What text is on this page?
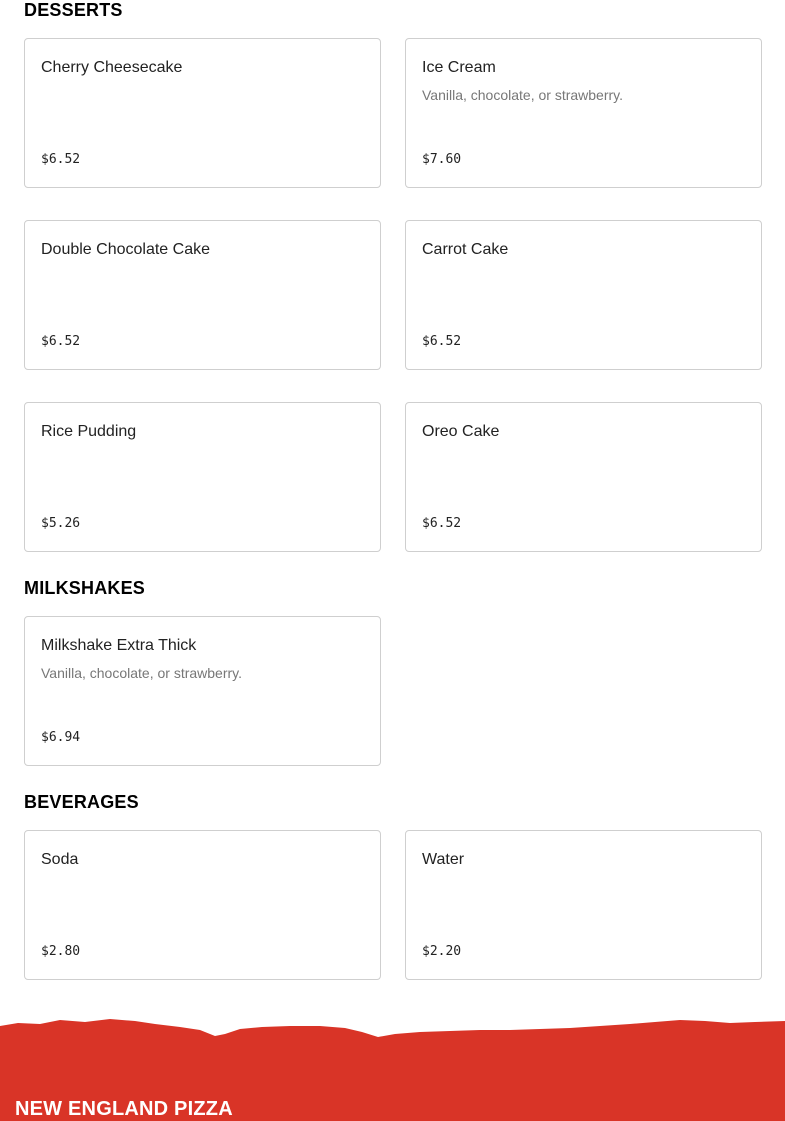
DESSERTS
Cherry Cheesecake
$6.52
Ice Cream
Vanilla, chocolate, or strawberry.
$7.60
Double Chocolate Cake
$6.52
Carrot Cake
$6.52
Rice Pudding
$5.26
Oreo Cake
$6.52
MILKSHAKES
Milkshake Extra Thick
Vanilla, chocolate, or strawberry.
$6.94
BEVERAGES
Soda
$2.80
Water
$2.20
NEW ENGLAND PIZZA
